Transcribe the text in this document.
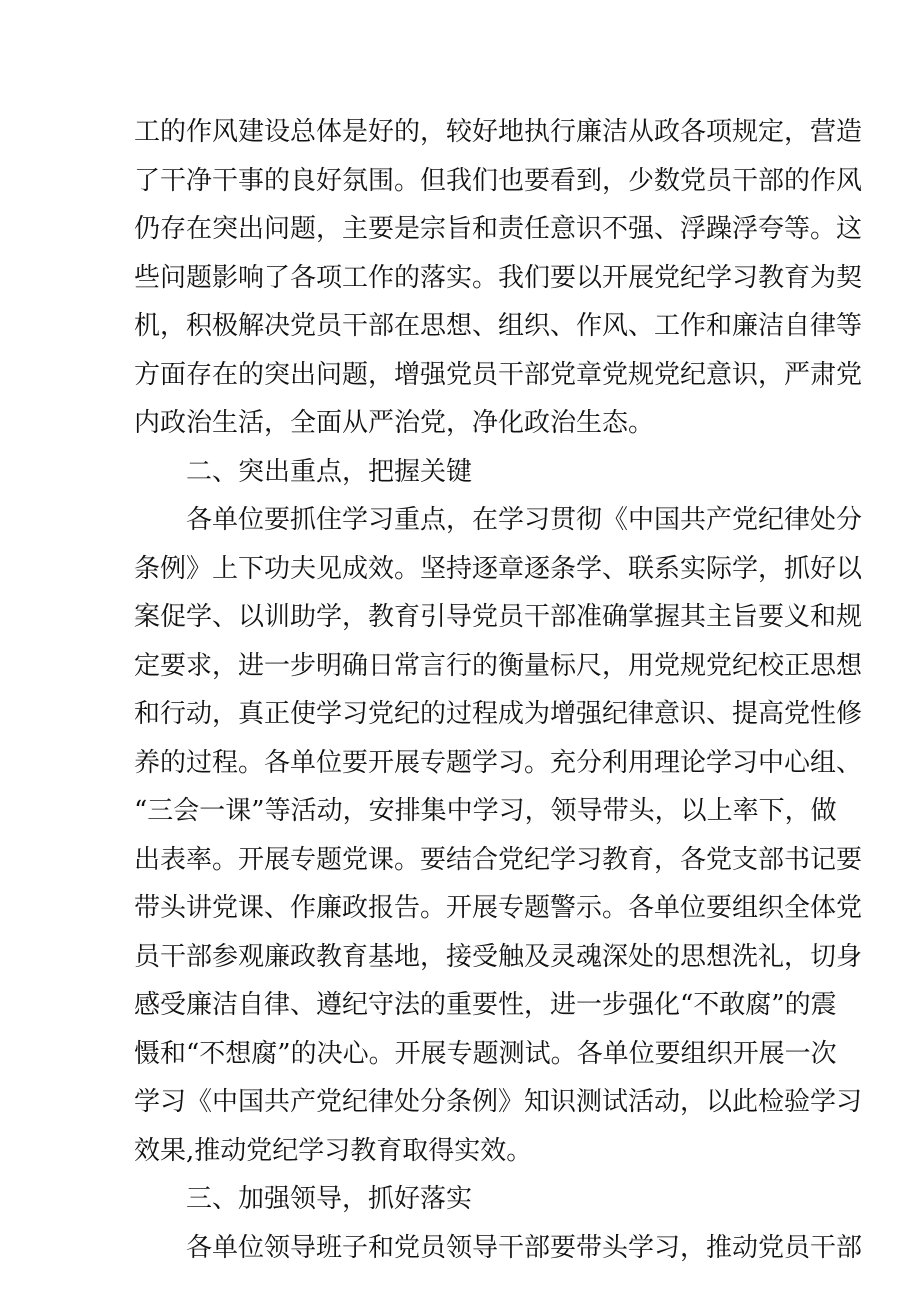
工的作风建设总体是好的，较好地执行廉洁从政各项规定，营造
了干净干事的良好氛围。但我们也要看到，少数党员干部的作风
仍存在突出问题，主要是宗旨和责任意识不强、浮躁浮夸等。这
些问题影响了各项工作的落实。我们要以开展党纪学习教育为契
机，积极解决党员干部在思想、组织、作风、工作和廉洁自律等
方面存在的突出问题，增强党员干部党章党规党纪意识，严肃党
内政治生活，全面从严治党，净化政治生态。
二、突出重点，把握关键
各单位要抓住学习重点，在学习贯彻《中国共产党纪律处分
条例》上下功夫见成效。坚持逐章逐条学、联系实际学，抓好以
案促学、以训助学，教育引导党员干部准确掌握其主旨要义和规
定要求，进一步明确日常言行的衡量标尺，用党规党纪校正思想
和行动，真正使学习党纪的过程成为增强纪律意识、提高党性修
养的过程。各单位要开展专题学习。充分利用理论学习中心组、
“三会一课”等活动，安排集中学习，领导带头，以上率下，做
出表率。开展专题党课。要结合党纪学习教育，各党支部书记要
带头讲党课、作廉政报告。开展专题警示。各单位要组织全体党
员干部参观廉政教育基地，接受触及灵魂深处的思想洗礼，切身
感受廉洁自律、遵纪守法的重要性，进一步强化“不敢腐”的震
慑和“不想腐”的决心。开展专题测试。各单位要组织开展一次
学习《中国共产党纪律处分条例》知识测试活动，以此检验学习
效果,推动党纪学习教育取得实效。
三、加强领导，抓好落实
各单位领导班子和党员领导干部要带头学习，推动党员干部
